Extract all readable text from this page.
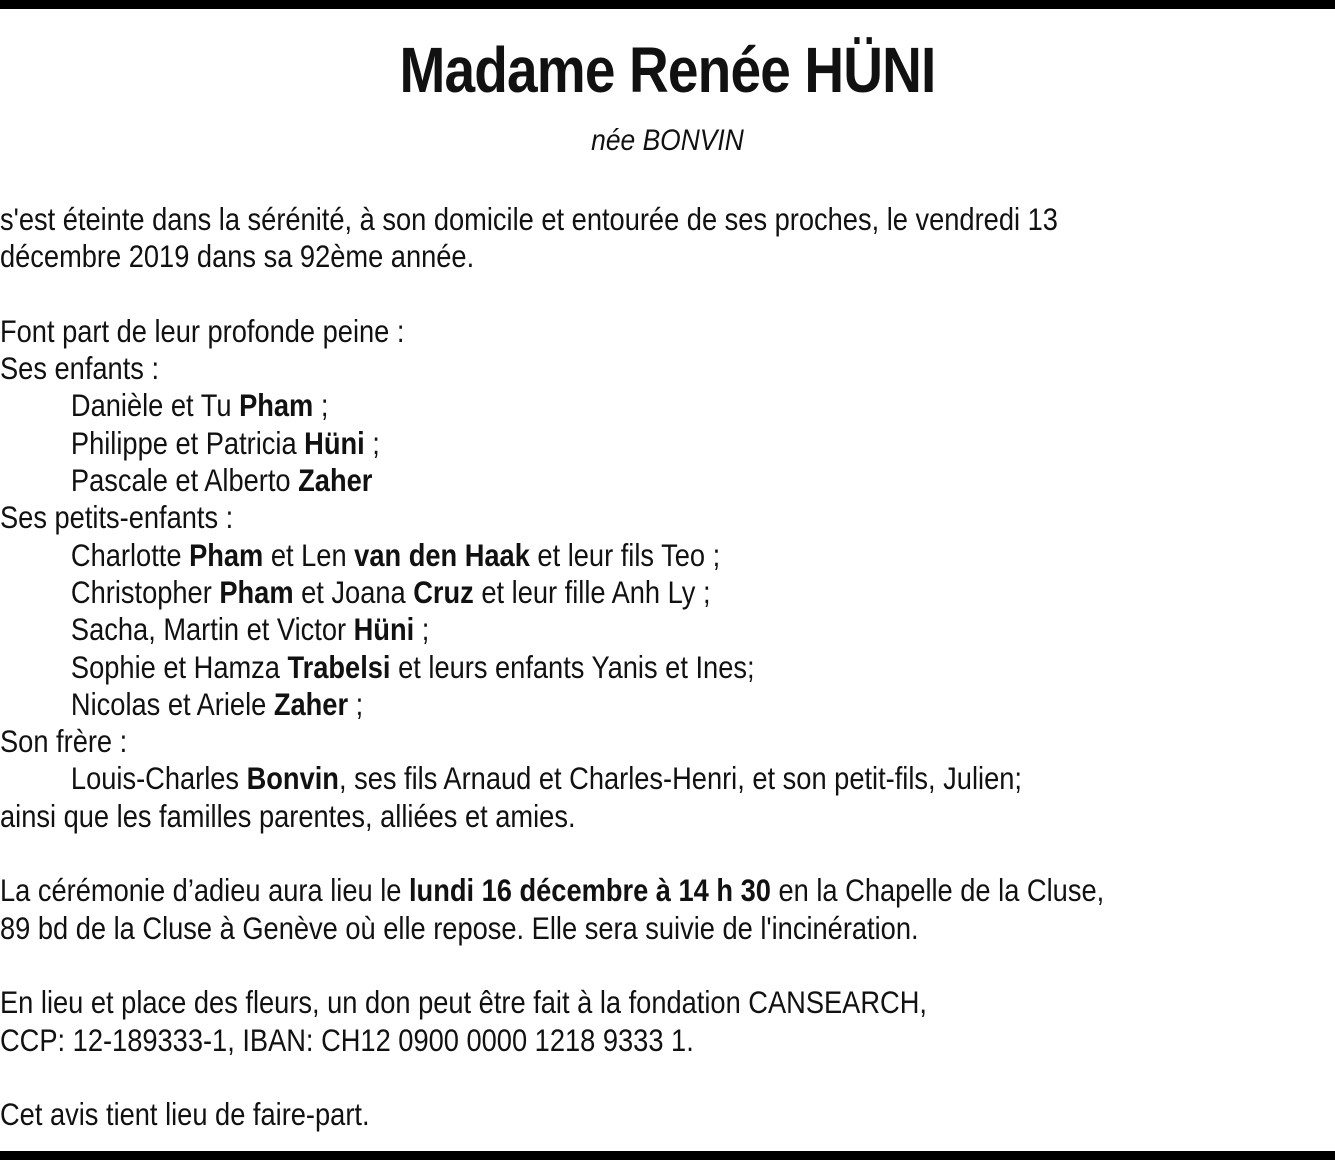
Madame Renée HÜNI
née BONVIN
s'est éteinte dans la sérénité, à son domicile et entourée de ses proches, le vendredi 13
décembre 2019 dans sa 92ème année.
Font part de leur profonde peine :
Ses enfants :
Danièle et Tu Pham ;
Philippe et Patricia Hüni ;
Pascale et Alberto Zaher
Ses petits-enfants :
Charlotte Pham et Len van den Haak et leur fils Teo ;
Christopher Pham et Joana Cruz et leur fille Anh Ly ;
Sacha, Martin et Victor Hüni ;
Sophie et Hamza Trabelsi et leurs enfants Yanis et Ines;
Nicolas et Ariele Zaher ;
Son frère :
Louis-Charles Bonvin, ses fils Arnaud et Charles-Henri, et son petit-fils, Julien;
ainsi que les familles parentes, alliées et amies.
La cérémonie d’adieu aura lieu le lundi 16 décembre à 14 h 30 en la Chapelle de la Cluse,
89 bd de la Cluse à Genève où elle repose. Elle sera suivie de l'incinération.
En lieu et place des fleurs, un don peut être fait à la fondation CANSEARCH,
CCP: 12-189333-1, IBAN: CH12 0900 0000 1218 9333 1.
Cet avis tient lieu de faire-part.
